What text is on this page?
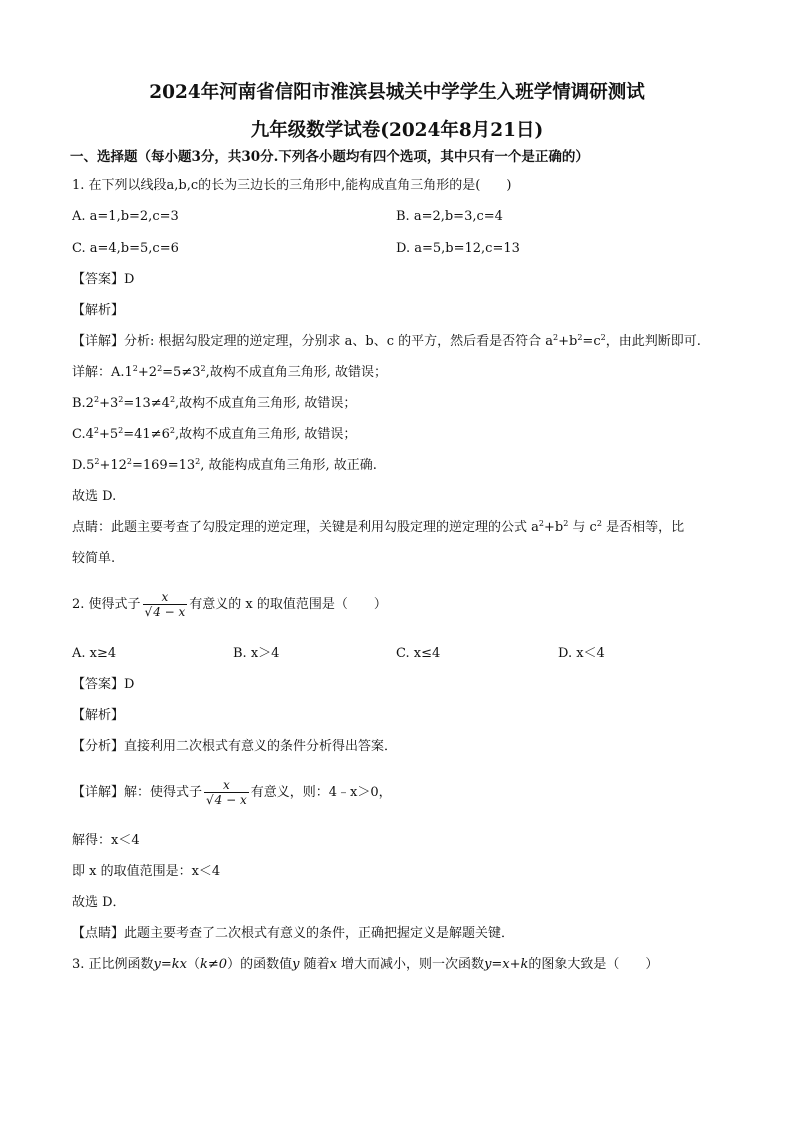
2024年河南省信阳市淮滨县城关中学学生入班学情调研测试
九年级数学试卷(2024年8月21日)
一、选择题（每小题3分，共30分.下列各小题均有四个选项，其中只有一个是正确的）
1. 在下列以线段a,b,c的长为三边长的三角形中,能构成直角三角形的是(　　)
A. a=1,b=2,c=3	B. a=2,b=3,c=4
C. a=4,b=5,c=6	D. a=5,b=12,c=13
【答案】D
【解析】
【详解】分析: 根据勾股定理的逆定理，分别求 a、b、c 的平方，然后看是否符合 $a^2+b^2=c^2$，由此判断即可.
详解：$A.1^2+2^2=5\ne 3^2$,故构不成直角三角形, 故错误；
$B.2^2+3^2=13\ne 4^2$,故构不成直角三角形, 故错误；
$C.4^2+5^2=41\ne 6^2$,故构不成直角三角形, 故错误；
$D.5^2+12^2=169=13^2$, 故能构成直角三角形, 故正确.
故选 D.
点睛：此题主要考查了勾股定理的逆定理，关键是利用勾股定理的逆定理的公式 $a^2+b^2$ 与 $c^2$ 是否相等，比
较简单.
2. 使得式子 $\frac{x}{√4 - x}$ 有意义的 x 的取值范围是（　　）
A. x≥4	B. x＞4	C. x≤4	D. x＜4
【答案】D
【解析】
【分析】直接利用二次根式有意义的条件分析得出答案．
【详解】解：使得式子 $\frac{x}{√4 - x}$ 有意义，则：4﹣x＞0，
解得：x＜4
即 x 的取值范围是：x＜4
故选 D．
【点睛】此题主要考查了二次根式有意义的条件，正确把握定义是解题关键．
3. 正比例函数y=kx（k≠0）的函数值y 随着x 增大而减小，则一次函数y=x+k的图象大致是（　　）
